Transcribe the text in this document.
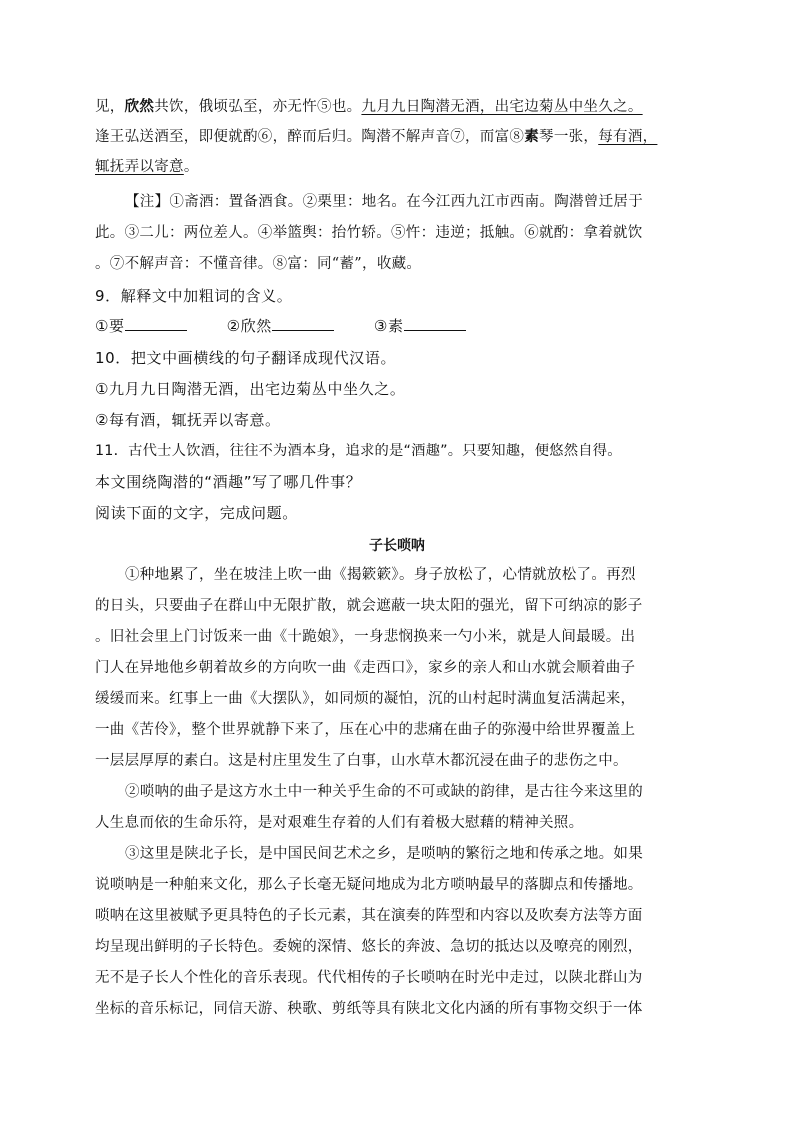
见，欣然共饮，俄顷弘至，亦无忤⑤也。九月九日陶潜无酒，出宅边菊丛中坐久之。
逢王弘送酒至，即便就酌⑥，醉而后归。陶潜不解声音⑦，而富⑧素琴一张，每有酒，
辄抚弄以寄意。
【注】①斋酒：置备酒食。②栗里：地名。在今江西九江市西南。陶潜曾迁居于
此。③二儿：两位差人。④举篮舆：抬竹轿。⑤忤：违逆；抵触。⑥就酌：拿着就饮
。⑦不解声音：不懂音律。⑧富：同“蓄”，收藏。
9．解释文中加粗词的含义。
①要	②欣然	③素
10．把文中画横线的句子翻译成现代汉语。
①九月九日陶潜无酒，出宅边菊丛中坐久之。
②每有酒，辄抚弄以寄意。
11．古代士人饮酒，往往不为酒本身，追求的是“酒趣”。只要知趣，便悠然自得。
本文围绕陶潜的“酒趣”写了哪几件事？
阅读下面的文字，完成问题。
子长唢呐
①种地累了，坐在坡洼上吹一曲《揭簌簌》。身子放松了，心情就放松了。再烈
的日头，只要曲子在群山中无限扩散，就会遮蔽一块太阳的强光，留下可纳凉的影子
。旧社会里上门讨饭来一曲《十跪娘》，一身悲悯换来一勺小米，就是人间最暖。出
门人在异地他乡朝着故乡的方向吹一曲《走西口》，家乡的亲人和山水就会顺着曲子
缓缓而来。红事上一曲《大摆队》，如同烦的凝怕，沉的山村起时满血复活满起来，
一曲《苦伶》，整个世界就静下来了，压在心中的悲痛在曲子的弥漫中给世界覆盖上
一层层厚厚的素白。这是村庄里发生了白事，山水草木都沉浸在曲子的悲伤之中。
②唢呐的曲子是这方水土中一种关乎生命的不可或缺的韵律，是古往今来这里的
人生息而依的生命乐符，是对艰难生存着的人们有着极大慰藉的精神关照。
③这里是陕北子长，是中国民间艺术之乡，是唢呐的繁衍之地和传承之地。如果
说唢呐是一种舶来文化，那么子长毫无疑问地成为北方唢呐最早的落脚点和传播地。
唢呐在这里被赋予更具特色的子长元素，其在演奏的阵型和内容以及吹奏方法等方面
均呈现出鲜明的子长特色。委婉的深情、悠长的奔波、急切的抵达以及嘹亮的刚烈，
无不是子长人个性化的音乐表现。代代相传的子长唢呐在时光中走过，以陕北群山为
坐标的音乐标记，同信天游、秧歌、剪纸等具有陕北文化内涵的所有事物交织于一体
